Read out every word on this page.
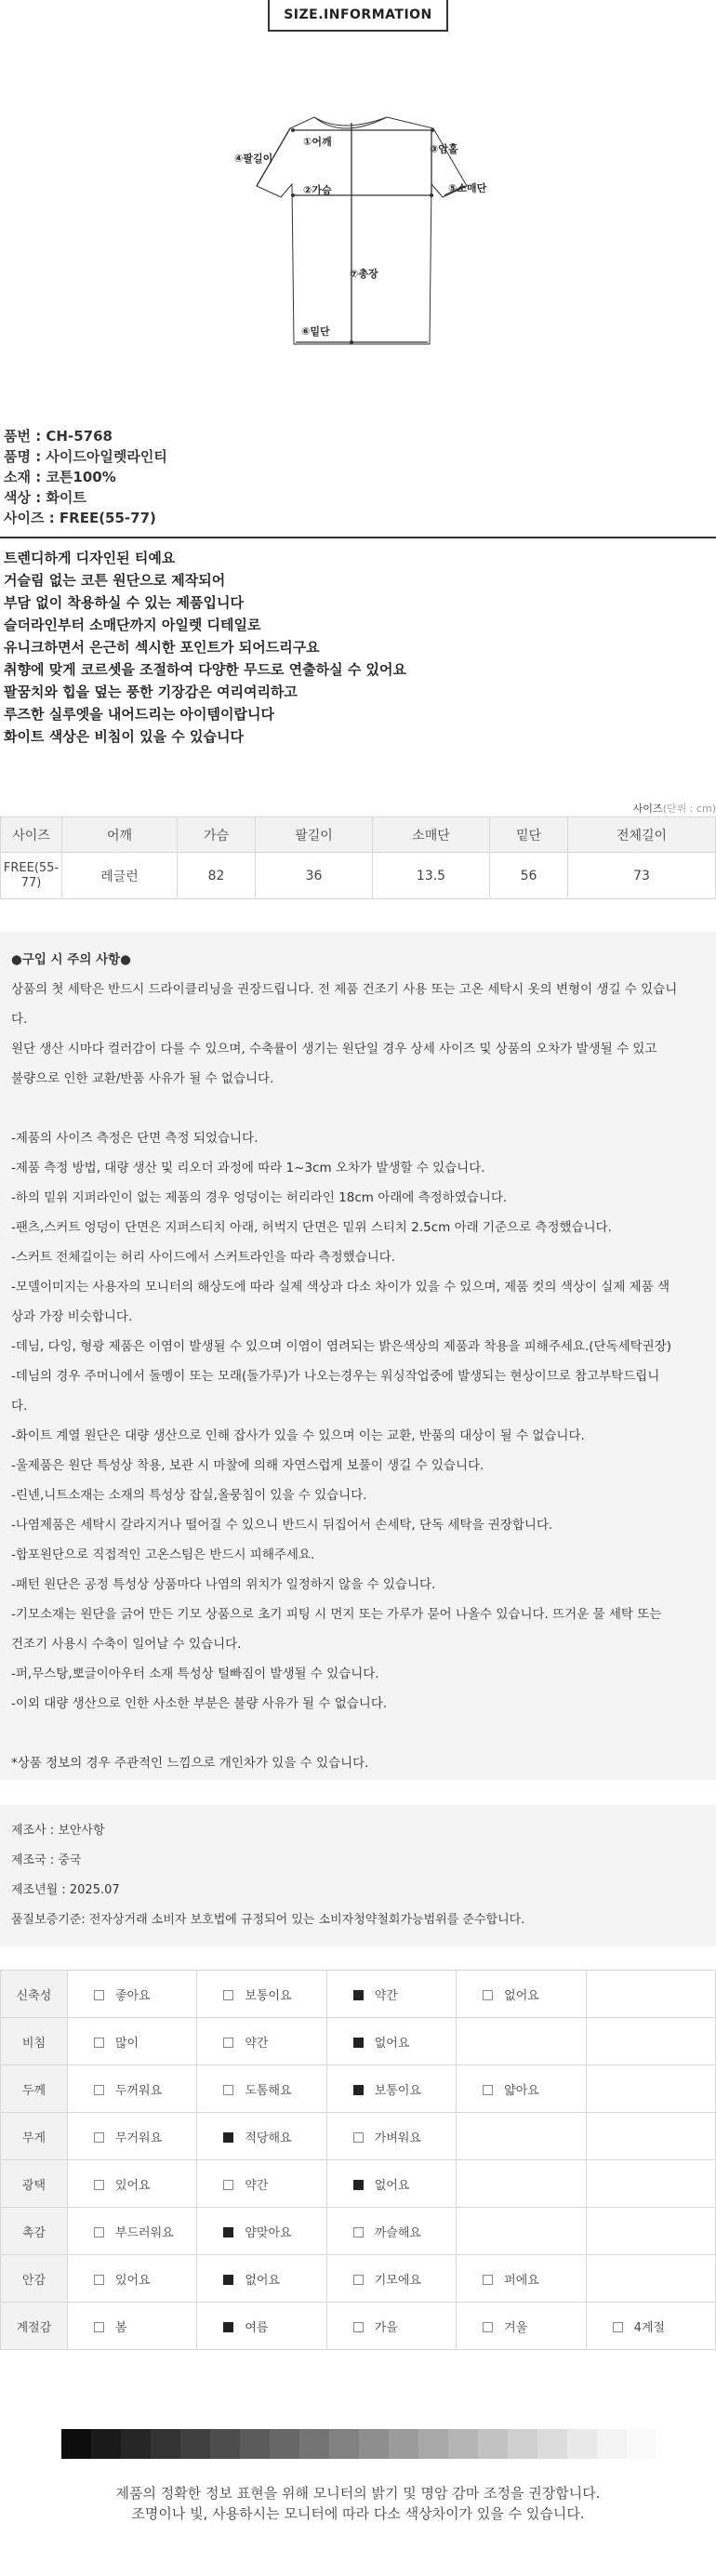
SIZE.INFORMATION
①어깨
②가슴
③암홀
④팔길이
⑤소매단
⑥밑단
⑦총장
품번 : CH-5768
품명 : 사이드아일렛라인티
소재 : 코튼100%
색상 : 화이트
사이즈 : FREE(55-77)
트렌디하게 디자인된 티예요
거슬림 없는 코튼 원단으로 제작되어
부담 없이 착용하실 수 있는 제품입니다
슬더라인부터 소매단까지 아일렛 디테일로
유니크하면서 은근히 섹시한 포인트가 되어드리구요
취향에 맞게 코르셋을 조절하여 다양한 무드로 연출하실 수 있어요
팔꿈치와 힙을 덮는 풍한 기장감은 여리여리하고
루즈한 실루엣을 내어드리는 아이템이랍니다
화이트 색상은 비침이 있을 수 있습니다
사이즈(단위 : cm)
사이즈	어깨	가슴	팔길이	소매단	밑단	전체길이
FREE(55-77)	레글런	82	36	13.5	56	73
●구입 시 주의 사항●
상품의 첫 세탁은 반드시 드라이클리닝을 권장드립니다. 전 제품 건조기 사용 또는 고온 세탁시 옷의 변형이 생길 수 있습니
다.
원단 생산 시마다 컬러감이 다를 수 있으며, 수축률이 생기는 원단일 경우 상세 사이즈 및 상품의 오차가 발생될 수 있고
불량으로 인한 교환/반품 사유가 될 수 없습니다.
-제품의 사이즈 측정은 단면 측정 되었습니다.
-제품 측정 방법, 대량 생산 및 리오더 과정에 따라 1~3cm 오차가 발생할 수 있습니다.
-하의 밑위 지퍼라인이 없는 제품의 경우 엉덩이는 허리라인 18cm 아래에 측정하였습니다.
-팬츠,스커트 엉덩이 단면은 지퍼스티치 아래, 허벅지 단면은 밑위 스티치 2.5cm 아래 기준으로 측정했습니다.
-스커트 전체길이는 허리 사이드에서 스커트라인을 따라 측정했습니다.
-모델이미지는 사용자의 모니터의 해상도에 따라 실제 색상과 다소 차이가 있을 수 있으며, 제품 컷의 색상이 실제 제품 색
상과 가장 비슷합니다.
-데님, 다잉, 형광 제품은 이염이 발생될 수 있으며 이염이 염려되는 밝은색상의 제품과 착용을 피해주세요.(단독세탁권장)
-데님의 경우 주머니에서 돌멩이 또는 모래(돌가루)가 나오는경우는 워싱작업중에 발생되는 현상이므로 참고부탁드립니
다.
-화이트 계열 원단은 대량 생산으로 인해 잡사가 있을 수 있으며 이는 교환, 반품의 대상이 될 수 없습니다.
-울제품은 원단 특성상 착용, 보관 시 마찰에 의해 자연스럽게 보풀이 생길 수 있습니다.
-린넨,니트소재는 소재의 특성상 잡실,올뭉침이 있을 수 있습니다.
-나염제품은 세탁시 갈라지거나 떨어질 수 있으니 반드시 뒤집어서 손세탁, 단독 세탁을 권장합니다.
-합포원단으로 직접적인 고온스팀은 반드시 피해주세요.
-패턴 원단은 공정 특성상 상품마다 나염의 위치가 일정하지 않을 수 있습니다.
-기모소재는 원단을 긁어 만든 기모 상품으로 초기 피팅 시 먼지 또는 가루가 묻어 나올수 있습니다. 뜨거운 물 세탁 또는
건조기 사용시 수축이 일어날 수 있습니다.
-퍼,무스탕,뽀글이아우터 소재 특성상 털빠짐이 발생될 수 있습니다.
-이외 대량 생산으로 인한 사소한 부분은 불량 사유가 될 수 없습니다.
*상품 정보의 경우 주관적인 느낌으로 개인차가 있을 수 있습니다.
제조사 : 보안사항
제조국 : 중국
제조년월 : 2025.07
품질보증기준: 전자상거래 소비자 보호법에 규정되어 있는 소비자청약철회가능범위를 준수합니다.
신축성	좋아요	보통이요	약간	없어요	
비침	많이	약간	없어요		
두께	두꺼워요	도톰해요	보통이요	얇아요	
무게	무거워요	적당해요	가벼워요		
광택	있어요	약간	없어요		
촉감	부드러워요	얌맞아요	까슬해요		
안감	있어요	없어요	기모에요	퍼에요	
계절감	봄	여름	가을	겨울	4계절
제품의 정확한 정보 표현을 위해 모니터의 밝기 및 명암 감마 조정을 권장합니다.
조명이나 빛, 사용하시는 모니터에 따라 다소 색상차이가 있을 수 있습니다.
